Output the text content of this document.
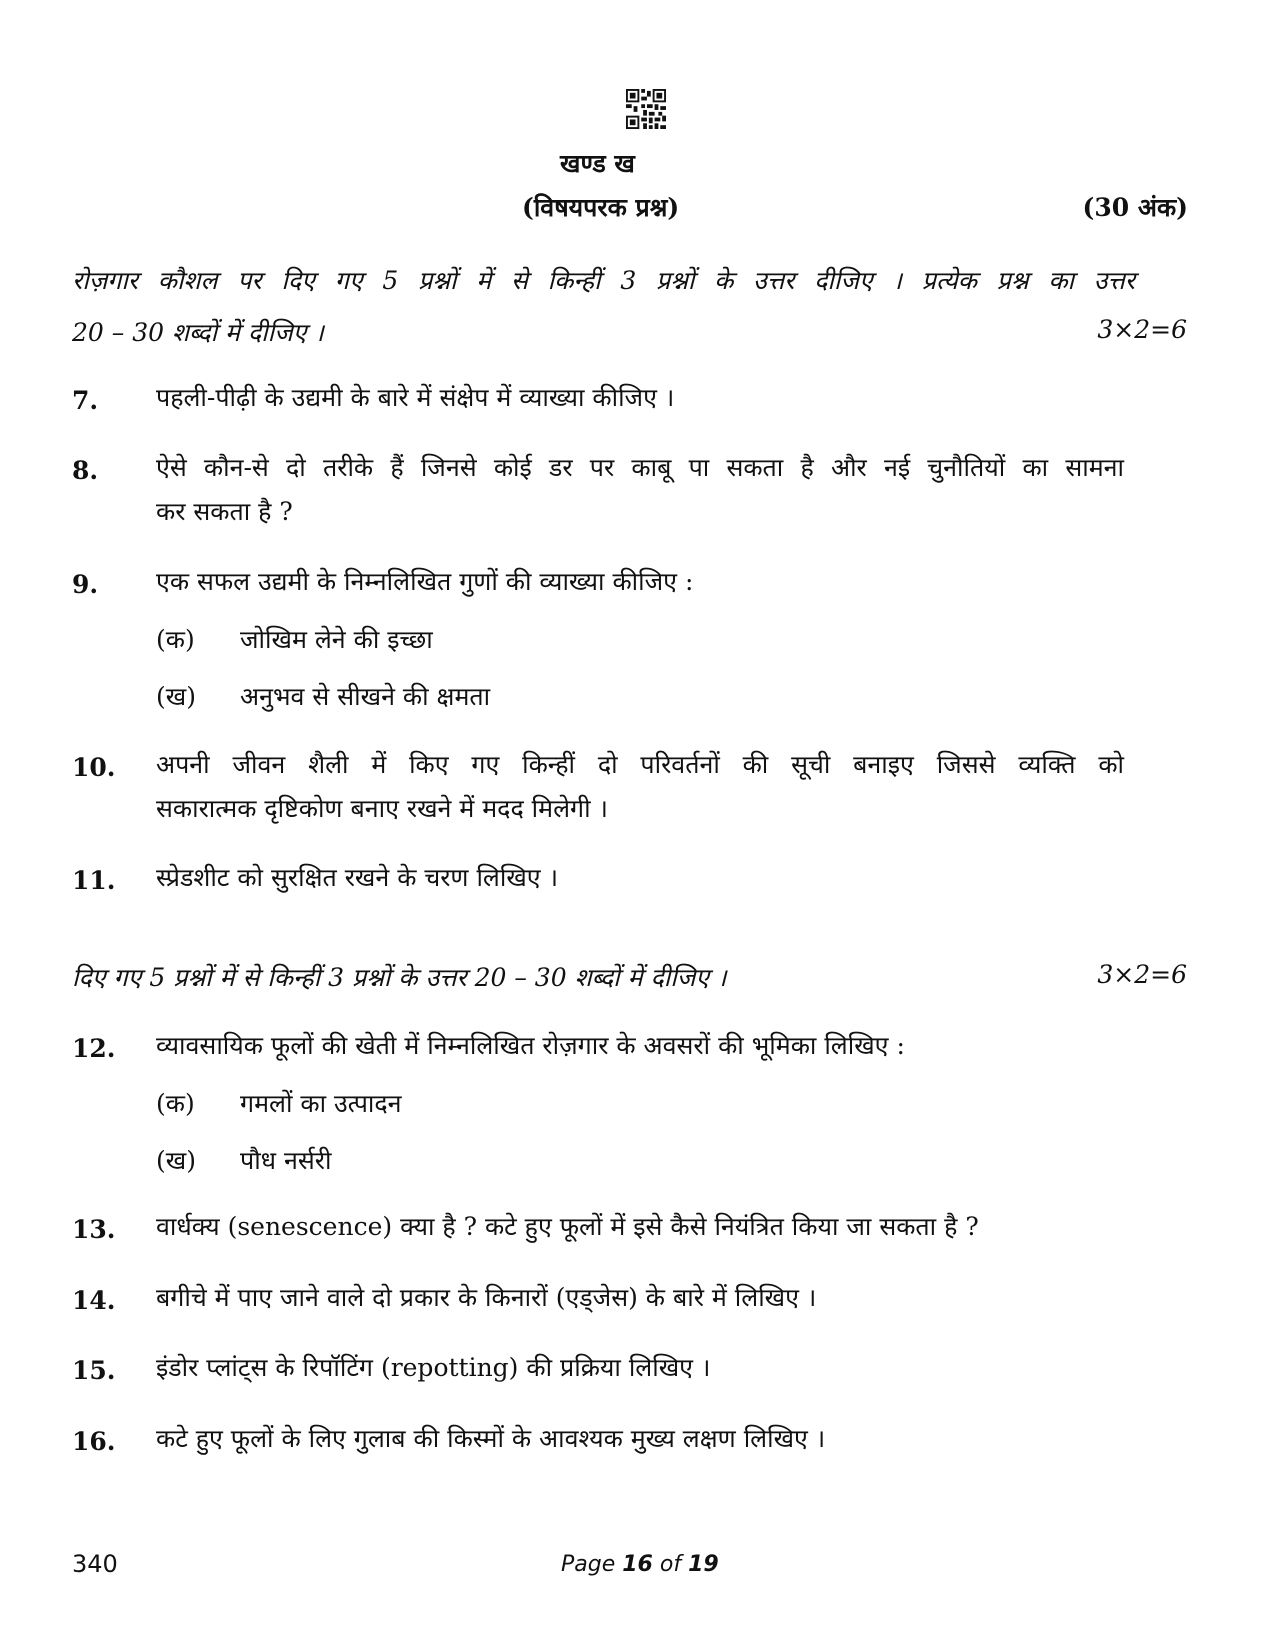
खण्ड ख
(विषयपरक प्रश्न)	(30 अंक)
रोज़गार कौशल पर दिए गए 5 प्रश्नों में से किन्हीं 3 प्रश्नों के उत्तर दीजिए । प्रत्येक प्रश्न का उत्तर
20 – 30 शब्दों में दीजिए ।	3×2=6
7. पहली-पीढ़ी के उद्यमी के बारे में संक्षेप में व्याख्या कीजिए ।
8. ऐसे कौन-से दो तरीके हैं जिनसे कोई डर पर काबू पा सकता है और नई चुनौतियों का सामना
कर सकता है ?
9. एक सफल उद्यमी के निम्नलिखित गुणों की व्याख्या कीजिए :
(क) जोखिम लेने की इच्छा
(ख) अनुभव से सीखने की क्षमता
10. अपनी जीवन शैली में किए गए किन्हीं दो परिवर्तनों की सूची बनाइए जिससे व्यक्ति को
सकारात्मक दृष्टिकोण बनाए रखने में मदद मिलेगी ।
11. स्प्रेडशीट को सुरक्षित रखने के चरण लिखिए ।
दिए गए 5 प्रश्नों में से किन्हीं 3 प्रश्नों के उत्तर 20 – 30 शब्दों में दीजिए ।	3×2=6
12. व्यावसायिक फूलों की खेती में निम्नलिखित रोज़गार के अवसरों की भूमिका लिखिए :
(क) गमलों का उत्पादन
(ख) पौध नर्सरी
13. वार्धक्य (senescence) क्या है ? कटे हुए फूलों में इसे कैसे नियंत्रित किया जा सकता है ?
14. बगीचे में पाए जाने वाले दो प्रकार के किनारों (एड्जेस) के बारे में लिखिए ।
15. इंडोर प्लांट्स के रिपॉटिंग (repotting) की प्रक्रिया लिखिए ।
16. कटे हुए फूलों के लिए गुलाब की किस्मों के आवश्यक मुख्य लक्षण लिखिए ।
340	Page 16 of 19
